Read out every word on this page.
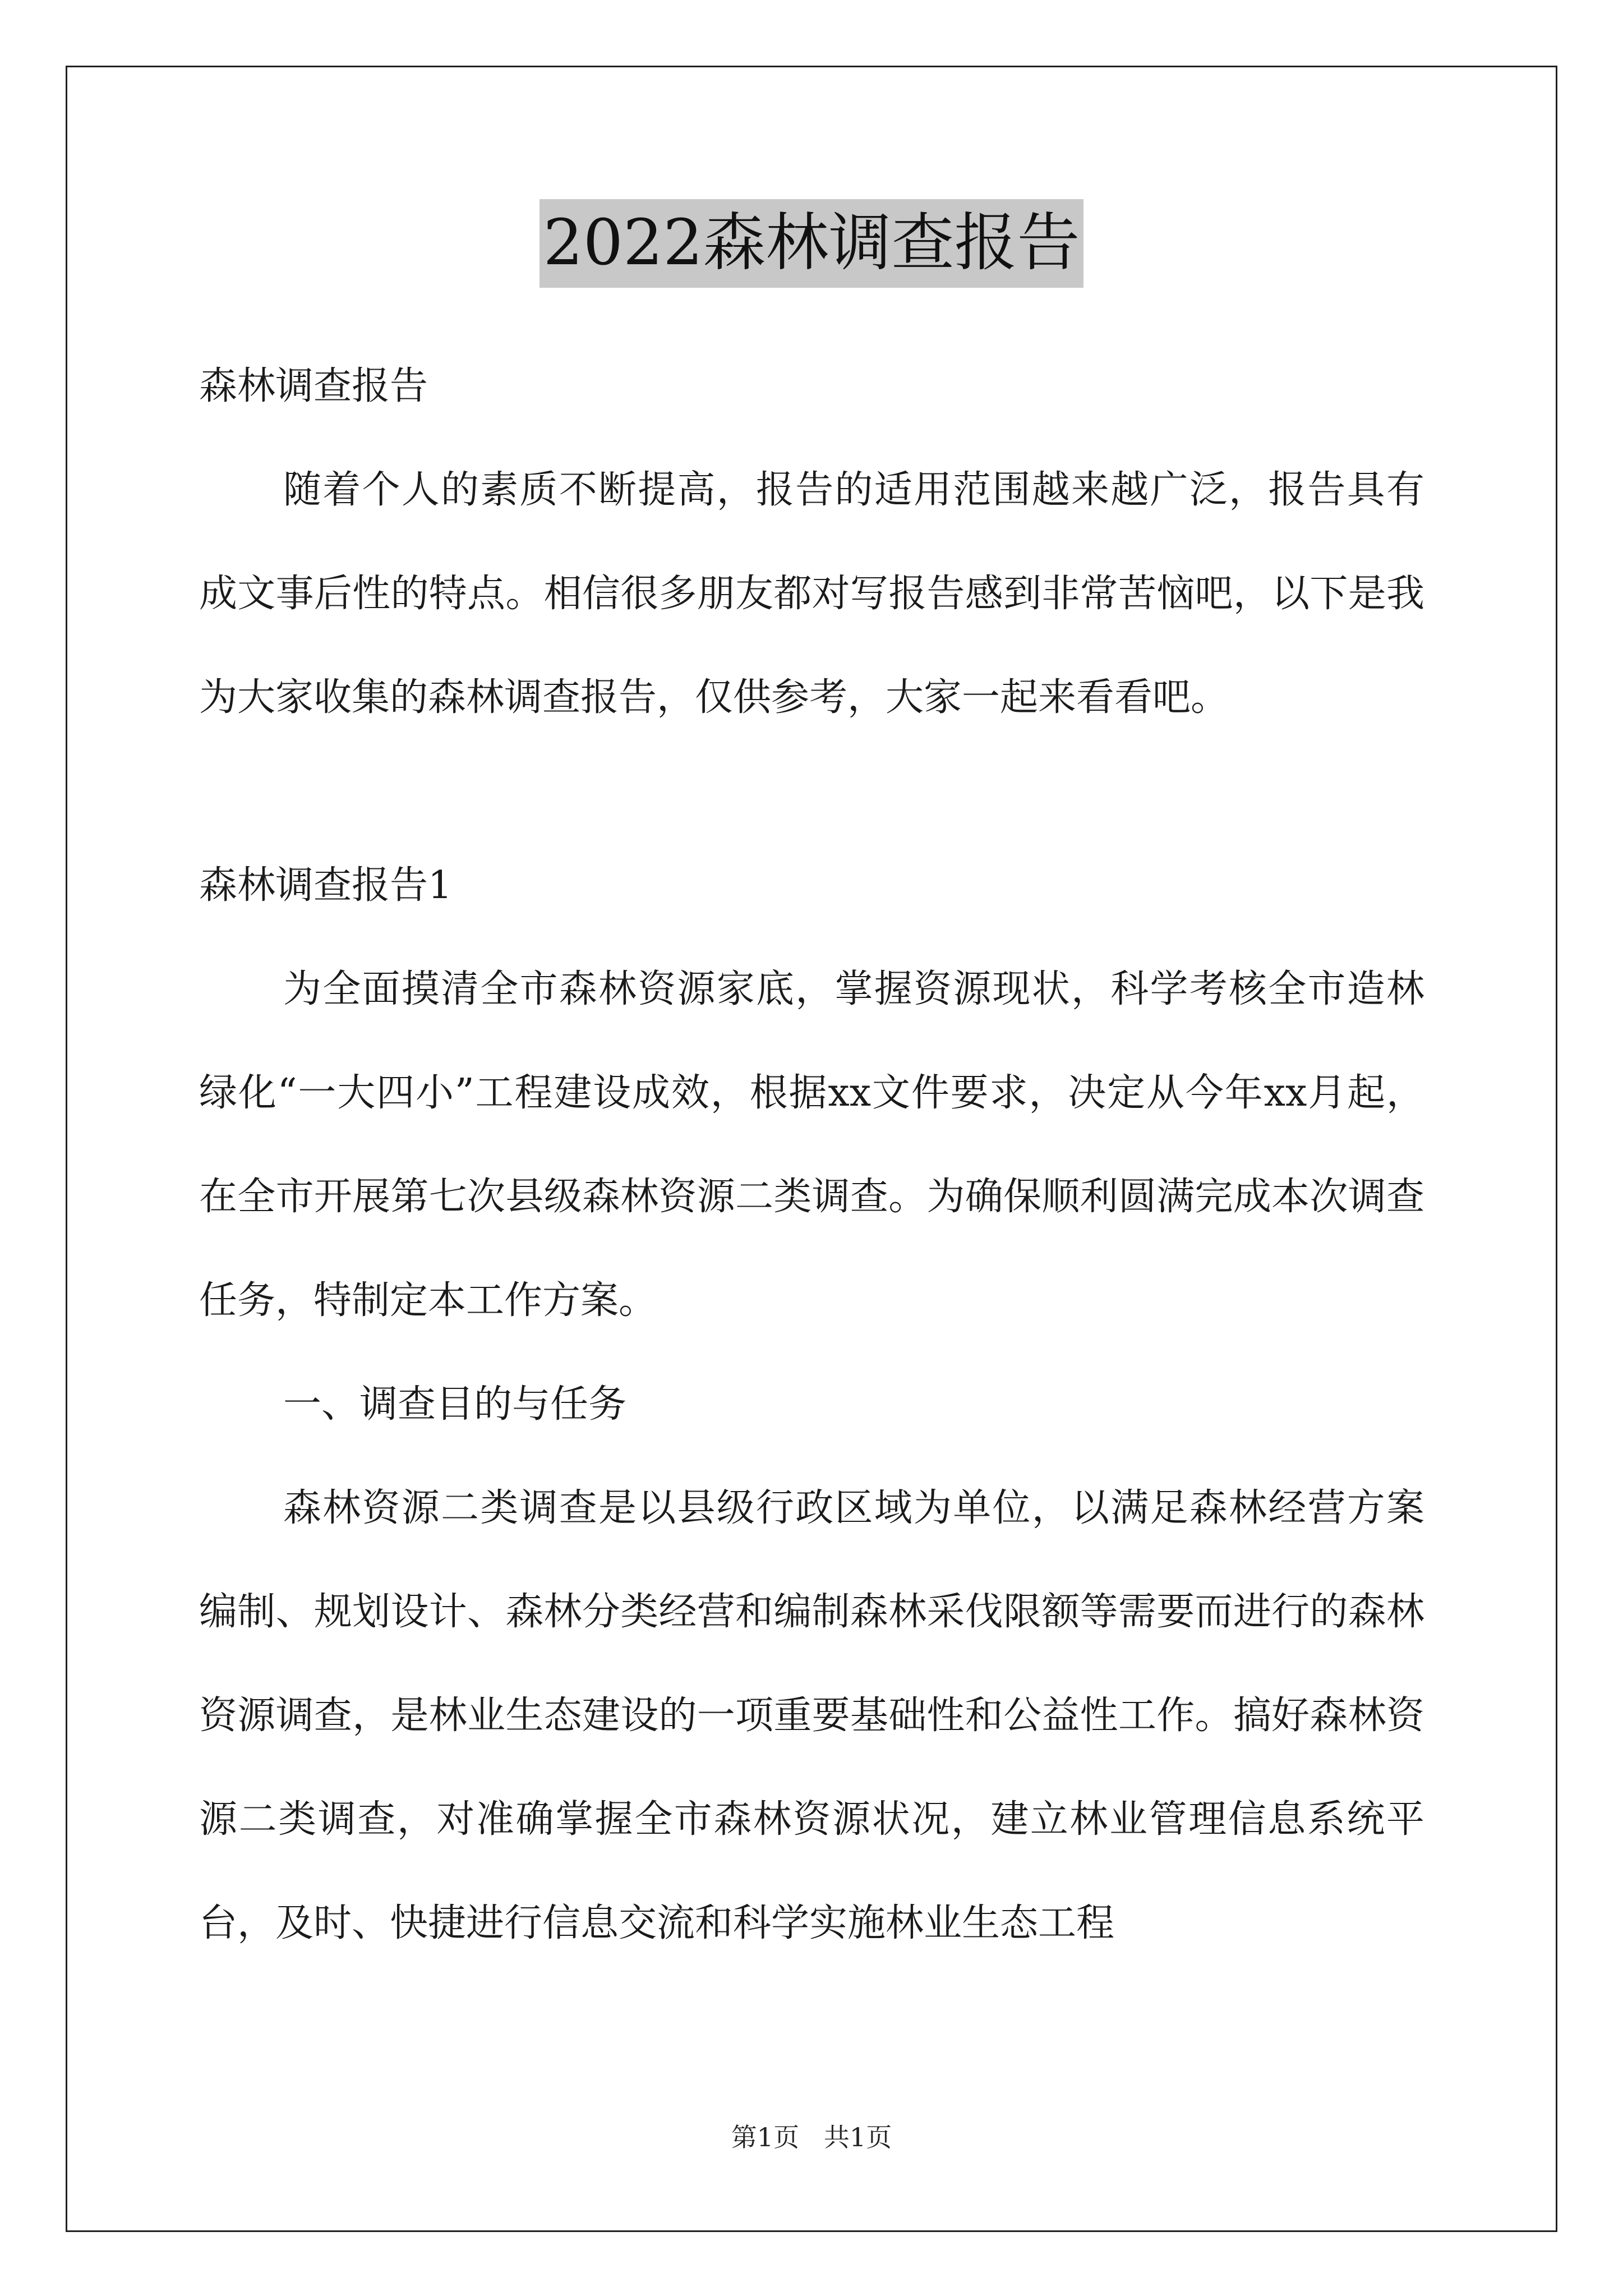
2022森林调查报告

森林调查报告

随着个人的素质不断提高，报告的适用范围越来越广泛，报告具有成文事后性的特点。相信很多朋友都对写报告感到非常苦恼吧，以下是我为大家收集的森林调查报告，仅供参考，大家一起来看看吧。

森林调查报告1

为全面摸清全市森林资源家底，掌握资源现状，科学考核全市造林绿化“一大四小”工程建设成效，根据xx文件要求，决定从今年xx月起，在全市开展第七次县级森林资源二类调查。为确保顺利圆满完成本次调查任务，特制定本工作方案。

一、调查目的与任务

森林资源二类调查是以县级行政区域为单位，以满足森林经营方案编制、规划设计、森林分类经营和编制森林采伐限额等需要而进行的森林资源调查，是林业生态建设的一项重要基础性和公益性工作。搞好森林资源二类调查，对准确掌握全市森林资源状况，建立林业管理信息系统平台，及时、快捷进行信息交流和科学实施林业生态工程

第1页   共1页
